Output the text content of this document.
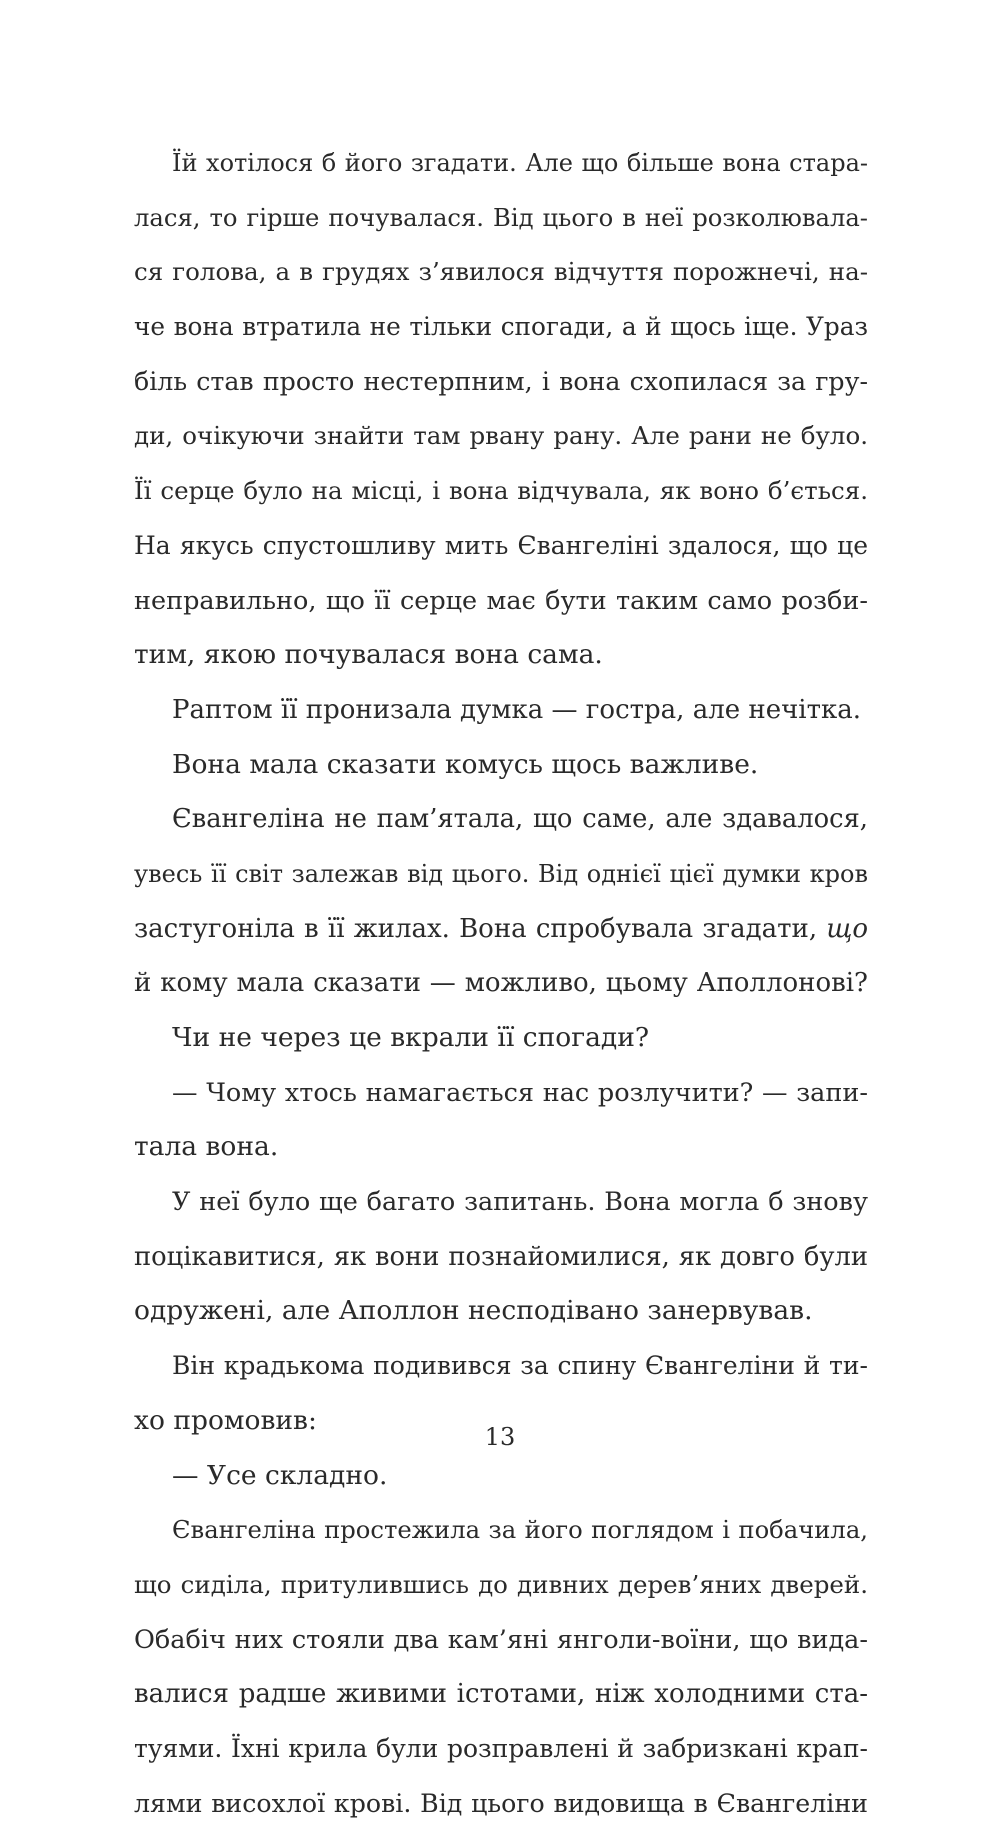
Їй хотілося б його згадати. Але що більше вона стара-
лася, то гірше почувалася. Від цього в неї розколювала-
ся голова, а в грудях з’явилося відчуття порожнечі, на-
че вона втратила не тільки спогади, а й щось іще. Ураз
біль став просто нестерпним, і вона схопилася за гру-
ди, очікуючи знайти там рвану рану. Але рани не було.
Її серце було на місці, і вона відчувала, як воно б’ється.
На якусь спустошливу мить Євангеліні здалося, що це
неправильно, що її серце має бути таким само розби-
тим, якою почувалася вона сама.
Раптом її пронизала думка — гостра, але нечітка.
Вона мала сказати комусь щось важливе.
Євангеліна не пам’ятала, що саме, але здавалося,
увесь її світ залежав від цього. Від однієї цієї думки кров
застугоніла в її жилах. Вона спробувала згадати, що
й кому мала сказати — можливо, цьому Аполлонові?
Чи не через це вкрали її спогади?
— Чому хтось намагається нас розлучити? — запи-
тала вона.
У неї було ще багато запитань. Вона могла б знову
поцікавитися, як вони познайомилися, як довго були
одружені, але Аполлон несподівано занервував.
Він крадькома подивився за спину Євангеліни й ти-
хо промовив:
— Усе складно.
Євангеліна простежила за його поглядом і побачила,
що сиділа, притулившись до дивних дерев’яних дверей.
Обабіч них стояли два кам’яні янголи-воїни, що вида-
валися радше живими істотами, ніж холодними ста-
туями. Їхні крила були розправлені й забризкані крап-
лями висохлої крові. Від цього видовища в Євангеліни
13
